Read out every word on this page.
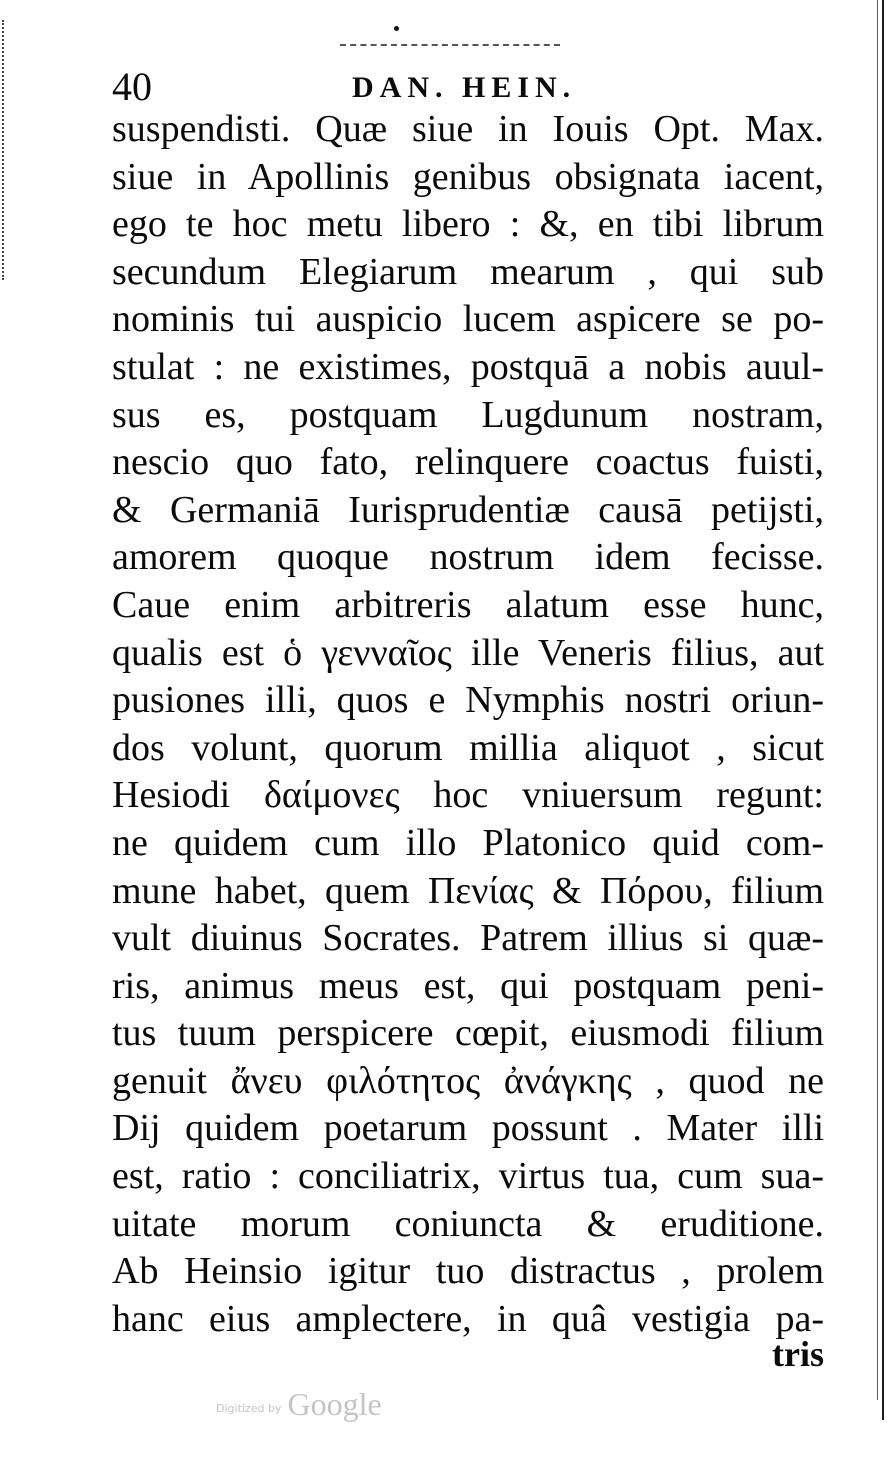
40	DAN. HEIN.
suspendisti. Quæ siue in Iouis Opt. Max.
siue in Apollinis genibus obsignata iacent,
ego te hoc metu libero : &, en tibi librum
secundum Elegiarum mearum , qui sub
nominis tui auspicio lucem aspicere se po-
stulat : ne existimes, postquā a nobis auul-
sus es, postquam Lugdunum nostram,
nescio quo fato, relinquere coactus fuisti,
& Germaniā Iurisprudentiæ causā petijsti,
amorem quoque nostrum idem fecisse.
Caue enim arbitreris alatum esse hunc,
qualis est ὁ γενναῖος ille Veneris filius, aut
pusiones illi, quos e Nymphis nostri oriun-
dos volunt, quorum millia aliquot , sicut
Hesiodi δαίμονες hoc vniuersum regunt:
ne quidem cum illo Platonico quid com-
mune habet, quem Πενίας & Πόρου, filium
vult diuinus Socrates. Patrem illius si quæ-
ris, animus meus est, qui postquam peni-
tus tuum perspicere cœpit, eiusmodi filium
genuit ἄνευ φιλότητος ἀνάγκης , quod ne
Dij quidem poetarum possunt . Mater illi
est, ratio : conciliatrix, virtus tua, cum sua-
uitate morum coniuncta & eruditione.
Ab Heinsio igitur tuo distractus , prolem
hanc eius amplectere, in quâ vestigia pa-
tris
Digitized by Google
